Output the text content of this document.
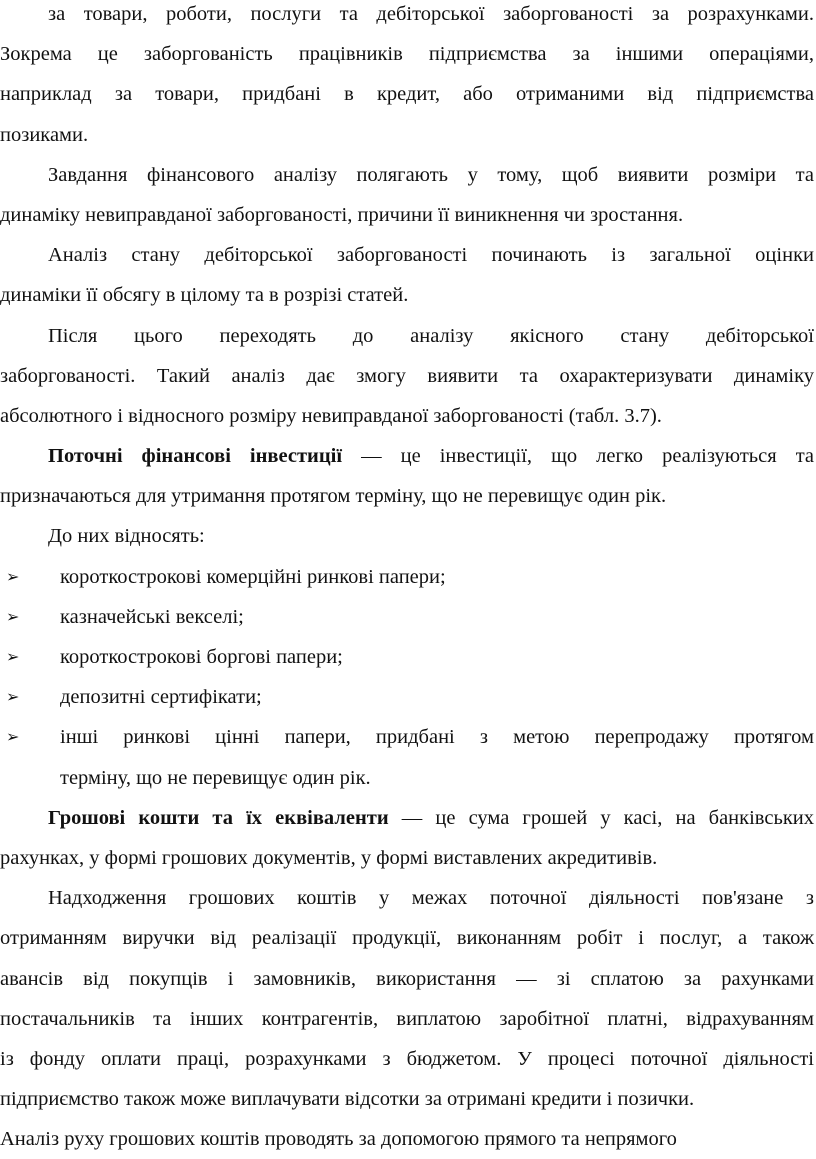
за товари, роботи, послуги та дебіторської заборгованості за розрахунками.
Зокрема це заборгованість працівників підприємства за іншими операціями,
наприклад за товари, придбані в кредит, або отриманими від підприємства
позиками.
Завдання фінансового аналізу полягають у тому, щоб виявити розміри та
динаміку невиправданої заборгованості, причини її виникнення чи зростання.
Аналіз стану дебіторської заборгованості починають із загальної оцінки
динаміки її обсягу в цілому та в розрізі статей.
Після цього переходять до аналізу якісного стану дебіторської
заборгованості. Такий аналіз дає змогу виявити та охарактеризувати динаміку
абсолютного і відносного розміру невиправданої заборгованості (табл. 3.7).
Поточні фінансові інвестиції — це інвестиції, що легко реалізуються та
призначаються для утримання протягом терміну, що не перевищує один рік.
До них відносять:
➢ короткострокові комерційні ринкові папери;
➢ казначейські векселі;
➢ короткострокові боргові папери;
➢ депозитні сертифікати;
➢ інші ринкові цінні папери, придбані з метою перепродажу протягом
терміну, що не перевищує один рік.
Грошові кошти та їх еквіваленти — це сума грошей у касі, на банківських
рахунках, у формі грошових документів, у формі виставлених акредитивів.
Надходження грошових коштів у межах поточної діяльності пов'язане з
отриманням виручки від реалізації продукції, виконанням робіт і послуг, а також
авансів від покупців і замовників, використання — зі сплатою за рахунками
постачальників та інших контрагентів, виплатою заробітної платні, відрахуванням
із фонду оплати праці, розрахунками з бюджетом. У процесі поточної діяльності
підприємство також може виплачувати відсотки за отримані кредити і позички.
Аналіз руху грошових коштів проводять за допомогою прямого та непрямого
